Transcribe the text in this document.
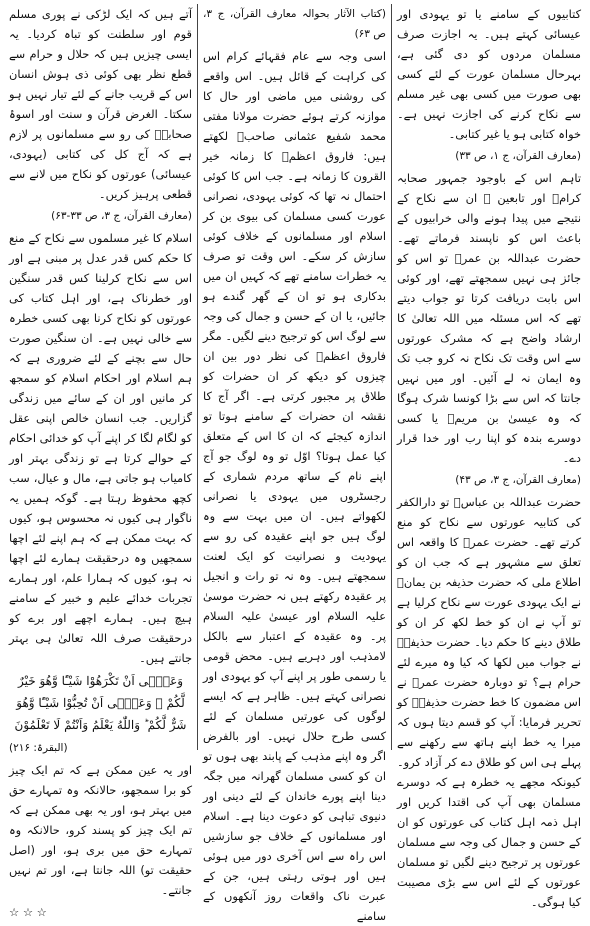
کتابیوں کے سامنے یا تو یہودی اور عیسائی کہتے ہیں۔ یہ اجازت صرف مسلمان مردوں کو دی گئی ہے، بہرحال مسلمان عورت کے لئے کسی بھی صورت میں کسی بھی غیر مسلم سے نکاح کرنے کی اجازت نہیں ہے۔ خواہ کتابی ہو یا غیر کتابی۔

(معارف القرآن، ج ۱، ص ۳۳)

تاہم اس کے باوجود جمہور صحابہ کرامؓ اور تابعین ؒ ان سے نکاح کے نتیجے میں پیدا ہونے والی خرابیوں کے باعث اس کو ناپسند فرماتے تھے۔ حضرت عبداللہ بن عمرؓ تو اس کو جائز ہی نہیں سمجھتے تھے، اور کوئی اس بابت دریافت کرتا تو جواب دیتے تھے کہ اس مسئلہ میں اللہ تعالیٰ کا ارشاد واضح ہے کہ مشرک عورتوں سے اس وقت تک نکاح نہ کرو جب تک وہ ایمان نہ لے آئیں۔ اور میں نہیں جانتا کہ اس سے بڑا کونسا شرک ہوگا کہ وہ عیسیٰ بن مریمؑ یا کسی دوسرے بندہ کو اپنا رب اور خدا قرار دے۔

(معارف القرآن، ج ۳، ص ۴۳)

حضرت عبداللہ بن عباسؓ تو دارالکفر کی کتابیہ عورتوں سے نکاح کو منع کرتے تھے۔ حضرت عمرؓ کا واقعہ اس تعلق سے مشہور ہے کہ جب ان کو اطلاع ملی کہ حضرت حذیفہ بن یمانؓ نے ایک یہودی عورت سے نکاح کرلیا ہے تو آپ نے ان کو خط لکھ کر ان کو طلاق دینے کا حکم دیا۔ حضرت حذیفہؓ نے جواب میں لکھا کہ کیا وہ میرے لئے حرام ہے؟ تو دوبارہ حضرت عمرؓ نے اس مضمون کا خط حضرت حذیفہؓ کو تحریر فرمایا: آپ کو قسم دیتا ہوں کہ میرا یہ خط اپنے ہاتھ سے رکھنے سے پہلے ہی اس کو طلاق دے کر آزاد کرو۔ کیونکہ مجھے یہ خطرہ ہے کہ دوسرے مسلمان بھی آپ کی اقتدا کریں اور اہل ذمہ اہل کتاب کی عورتوں کو ان کے حسن و جمال کی وجہ سے مسلمان عورتوں پر ترجیح دینے لگیں تو مسلمان عورتوں کے لئے اس سے بڑی مصیبت کیا ہوگی۔

(کتاب الآثار بحوالہ معارف القرآن، ج ۳، ص ۶۳)

اسی وجہ سے عام فقہائے کرام اس کی کراہت کے قائل ہیں۔ اس واقعے کی روشنی میں ماضی اور حال کا موازنہ کرتے ہوئے حضرت مولانا مفتی محمد شفیع عثمانی صاحبؒ لکھتے ہیں: فاروق اعظمؓ کا زمانہ خیر القرون کا زمانہ ہے۔ جب اس کا کوئی احتمال نہ تھا کہ کوئی یہودی، نصرانی عورت کسی مسلمان کی بیوی بن کر اسلام اور مسلمانوں کے خلاف کوئی سازش کر سکے۔ اس وقت تو صرف یہ خطرات سامنے تھے کہ کہیں ان میں بدکاری ہو تو ان کے گھر گندے ہو جائیں، یا ان کے حسن و جمال کی وجہ سے لوگ اس کو ترجیح دینے لگیں۔ مگر فاروق اعظمؓ کی نظر دور بین ان چیزوں کو دیکھ کر ان حضرات کو طلاق پر مجبور کرتی ہے۔ اگر آج کا نقشہ ان حضرات کے سامنے ہوتا تو اندازہ کیجئے کہ ان کا اس کے متعلق کیا عمل ہوتا؟ اوّل تو وہ لوگ جو آج اپنے نام کے ساتھ مردم شماری کے رجسٹروں میں یہودی یا نصرانی لکھواتے ہیں۔ ان میں بہت سے وہ لوگ ہیں جو اپنے عقیدہ کی رو سے یہودیت و نصرانیت کو ایک لعنت سمجھتے ہیں۔ وہ نہ تو رات و انجیل پر عقیدہ رکھتے ہیں نہ حضرت موسیٰ علیہ السلام اور عیسیٰ علیہ السلام پر۔ وہ عقیدہ کے اعتبار سے بالکل لامذہب اور دہریے ہیں۔ محض قومی یا رسمی طور پر اپنے آپ کو یہودی اور نصرانی کہتے ہیں۔ ظاہر ہے کہ ایسے لوگوں کی عورتیں مسلمان کے لئے کسی طرح حلال نہیں۔ اور بالفرض اگر وہ اپنے مذہب کے پابند بھی ہوں تو ان کو کسی مسلمان گھرانہ میں جگہ دینا اپنے پورے خاندان کے لئے دینی اور دنیوی تباہی کو دعوت دینا ہے۔ اسلام اور مسلمانوں کے خلاف جو سازشیں اس راہ سے اس آخری دور میں ہوئی ہیں اور ہوتی رہتی ہیں، جن کے عبرت ناک واقعات روز آنکھوں کے سامنے

آتے ہیں کہ ایک لڑکی نے پوری مسلم قوم اور سلطنت کو تباہ کردیا۔ یہ ایسی چیزیں ہیں کہ حلال و حرام سے قطع نظر بھی کوئی ذی ہوش انسان اس کے قریب جانے کے لئے تیار نہیں ہو سکتا۔ الغرض قرآن و سنت اور اسوۂ صحابہؓ کی رو سے مسلمانوں پر لازم ہے کہ آج کل کی کتابی (یہودی، عیسائی) عورتوں کو نکاح میں لانے سے قطعی پرہیز کریں۔

(معارف القرآن، ج ۳، ص ۳۳-۶۳)

اسلام کا غیر مسلموں سے نکاح کے منع کا حکم کس قدر عدل پر مبنی ہے اور اس سے نکاح کرلینا کس قدر سنگین اور خطرناک ہے، اور اہل کتاب کی عورتوں کو نکاح کرنا بھی کسی خطرہ سے خالی نہیں ہے۔ ان سنگین صورت حال سے بچنے کے لئے ضروری ہے کہ ہم اسلام اور احکام اسلام کو سمجھ کر مانیں اور ان کے سائے میں زندگی گزاریں۔ جب انسان خالص اپنی عقل کو لگام لگا کر اپنے آپ کو خدائی احکام کے حوالے کرتا ہے تو زندگی بہتر اور کامیاب ہو جاتی ہے، مال و عیال، سب کچھ محفوظ رہتا ہے۔ گوکہ ہمیں یہ ناگوار ہی کیوں نہ محسوس ہو، کیوں کہ بہت ممکن ہے کہ ہم اپنے لئے اچھا سمجھیں وہ درحقیقت ہمارے لئے اچھا نہ ہو، کیوں کہ ہمارا علم، اور ہمارے تجربات خدائے علیم و خبیر کے سامنے ہیچ ہیں۔ ہمارے اچھے اور برے کو درحقیقت صرف اللہ تعالیٰ ہی بہتر جانتے ہیں۔

وَعَسٰۤی اَنْ تَکْرَهُوْا شَیْـًٔا وَّهُوَ خَیْرٌ لَّکُمْ ۚ وَعَسٰۤی اَنْ تُحِبُّوْا شَیْـًٔا وَّهُوَ شَرٌّ لَّکُمْ ؕ وَاللّٰهُ یَعْلَمُ وَاَنْتُمْ لَا تَعْلَمُوْنَ

(البقرۃ: ۲۱۶)

اور یہ عین ممکن ہے کہ تم ایک چیز کو برا سمجھو، حالانکہ وہ تمہارے حق میں بہتر ہو، اور یہ بھی ممکن ہے کہ تم ایک چیز کو پسند کرو، حالانکہ وہ تمہارے حق میں بری ہو، اور (اصل حقیقت تو) اللہ جانتا ہے، اور تم نہیں جانتے۔

☆ ☆ ☆
